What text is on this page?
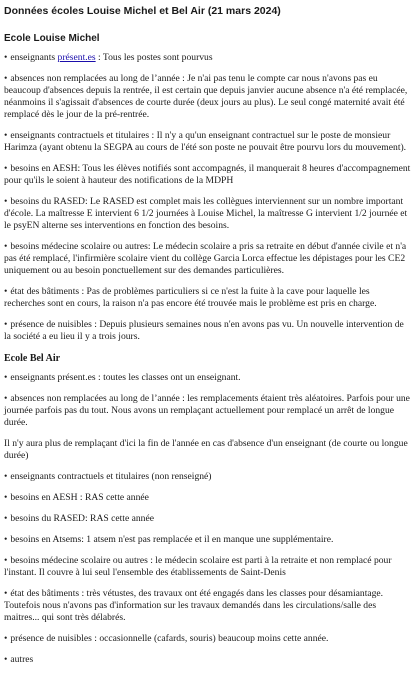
Données écoles Louise Michel et Bel Air (21 mars 2024)
Ecole Louise Michel

• enseignants présent.es : Tous les postes sont pourvus

• absences non remplacées au long de l’année : Je n'ai pas tenu le compte car nous n'avons pas eu beaucoup d'absences depuis la rentrée, il est certain que depuis janvier aucune absence n'a été remplacée, néanmoins il s'agissait d'absences de courte durée (deux jours au plus). Le seul congé maternité avait été remplacé dès le jour de la pré-rentrée.

• enseignants contractuels et titulaires : Il n'y a qu'un enseignant contractuel sur le poste de monsieur Harimza (ayant obtenu la SEGPA au cours de l'été son poste ne pouvait être pourvu lors du mouvement).

• besoins en AESH: Tous les élèves notifiés sont accompagnés, il manquerait 8 heures d'accompagnement pour qu'ils le soient à hauteur des notifications de la MDPH

• besoins du RASED: Le RASED est complet mais les collègues interviennent sur un nombre important d'école. La maîtresse E intervient 6 1/2 journées à Louise Michel, la maîtresse G intervient 1/2 journée et le psyEN alterne ses interventions en fonction des besoins.

• besoins médecine scolaire ou autres: Le médecin scolaire a pris sa retraite en début d'année civile et n'a pas été remplacé, l'infirmière scolaire vient du collège Garcia Lorca effectue les dépistages pour les CE2 uniquement ou au besoin ponctuellement sur des demandes particulières.

• état des bâtiments : Pas de problèmes particuliers si ce n'est la fuite à la cave pour laquelle les recherches sont en cours, la raison n'a pas encore été trouvée mais le problème est pris en charge.

• présence de nuisibles : Depuis plusieurs semaines nous n'en avons pas vu. Un nouvelle intervention de la société a eu lieu il y a trois jours.

Ecole Bel Air

• enseignants présent.es : toutes les classes ont un enseignant.

• absences non remplacées au long de l’année : les remplacements étaient très aléatoires. Parfois pour une journée parfois pas du tout. Nous avons un remplaçant actuellement pour remplacé un arrêt de longue durée.

Il n'y aura plus de remplaçant d'ici la fin de l'année en cas d'absence d'un enseignant (de courte ou longue durée)

• enseignants contractuels et titulaires (non renseigné)

• besoins en AESH : RAS cette année

• besoins du RASED: RAS cette année

• besoins en Atsems: 1 atsem n'est pas remplacée et il en manque une supplémentaire.

• besoins médecine scolaire ou autres : le médecin scolaire est parti à la retraite et non remplacé pour l'instant. Il couvre à lui seul l'ensemble des établissements de Saint-Denis

• état des bâtiments : très vétustes, des travaux ont été engagés dans les classes pour désamiantage. Toutefois nous n'avons pas d'information sur les travaux demandés dans les circulations/salle des maitres... qui sont très délabrés.

• présence de nuisibles : occasionnelle (cafards, souris) beaucoup moins cette année.

• autres
